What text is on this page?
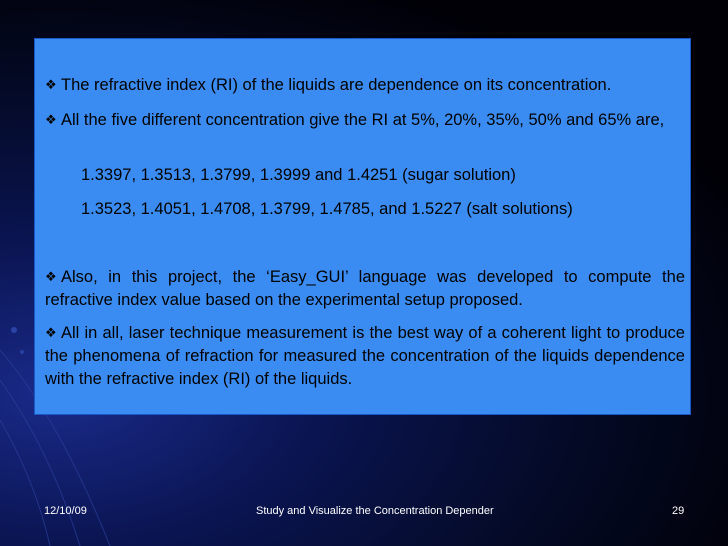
❖ The refractive index (RI) of the liquids are dependence on its concentration.
❖ All the five different concentration give the RI at 5%, 20%, 35%, 50% and 65% are,
1.3397, 1.3513, 1.3799, 1.3999 and 1.4251 (sugar solution)
1.3523, 1.4051, 1.4708, 1.3799, 1.4785, and 1.5227 (salt solutions)
❖ Also, in this project, the ‘Easy_GUI’ language was developed to compute the refractive index value based on the experimental setup proposed.
❖ All in all, laser technique measurement is the best way of a coherent light to produce the phenomena of refraction for measured the concentration of the liquids dependence with the refractive index (RI) of the liquids.
12/10/09	Study and Visualize the Concentration Depender	29
